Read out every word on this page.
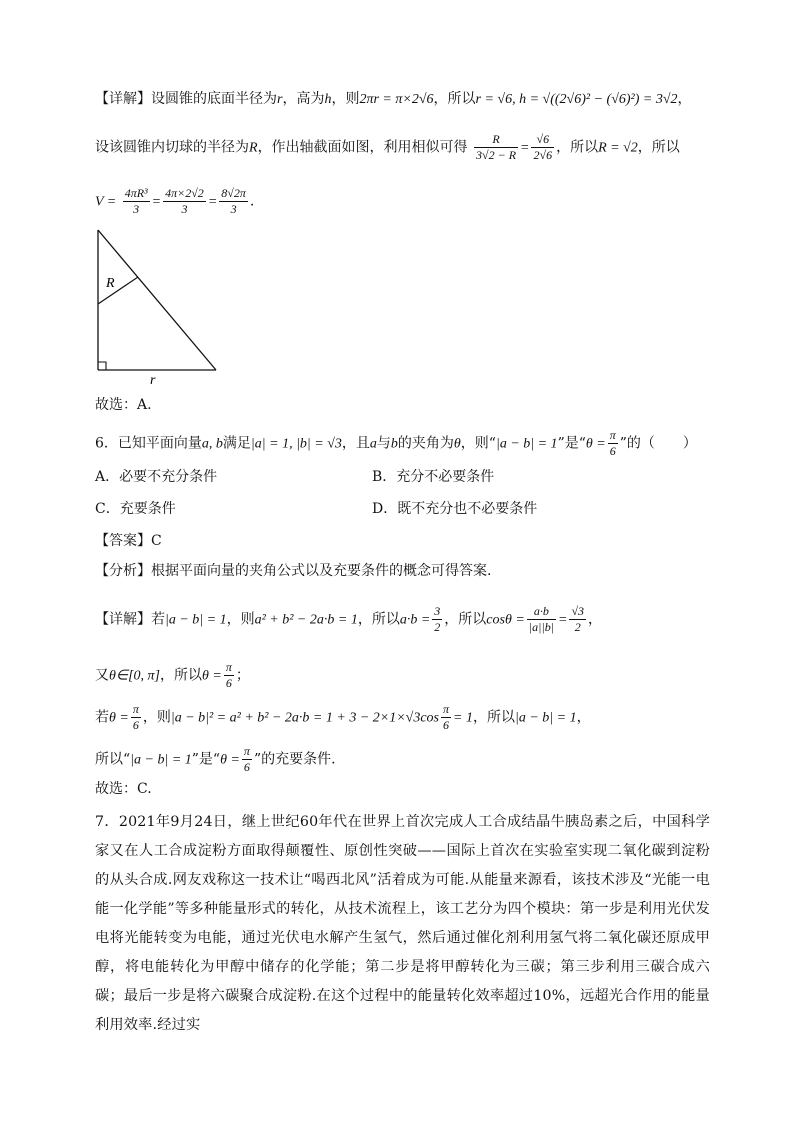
【详解】设圆锥的底面半径为r，高为h，则2πr = π×2√6，所以r = √6, h = √((2√6)² − (√6)²) = 3√2，
设该圆锥内切球的半径为R，作出轴截面如图，利用相似可得 $\frac{R}{3√2 - R} = \frac{√6}{2√6}$ ，所以R = √2，所以
$V = \frac{\text{4πR³}}{3} = \frac{4\pi\times 2√2}{3} = \frac{8√2\pi}{3}$ .
R
r
故选：A.
6．已知平面向量a, b满足|a| = 1, |b| = √3，且a与b的夹角为θ，则“|a − b| = 1”是“$\theta = \frac{\pi}{6}$ ”的（　　）
A．必要不充分条件	B．充分不必要条件
C．充要条件	D．既不充分也不必要条件
【答案】C
【分析】根据平面向量的夹角公式以及充要条件的概念可得答案.
【详解】若|a − b| = 1，则a² + b² − 2a·b = 1，所以$a\cdot b = \frac{3}{2}$ ，所以$\cos\theta = \frac{a\cdot b}{|a||b|} = \frac{√3}{2}$ ，
又θ∈[0, π]，所以$\theta = \frac{\pi}{6}$ ；
若$\theta = \frac{\pi}{6}$ ，则$|a - b|^2 = a^2 + b^2 - 2a\cdot b = 1 + 3 - 2\times 1\times√3\cos \frac{\pi}{6} = 1$，所以|a − b| = 1，
所以“|a − b| = 1”是“$\theta = \frac{\pi}{6}$ ”的充要条件.
故选：C.
7．2021年9月24日，继上世纪60年代在世界上首次完成人工合成结晶牛胰岛素之后，中国科学家又在人工合成淀粉方面取得颠覆性、原创性突破——国际上首次在实验室实现二氧化碳到淀粉的从头合成.网友戏称这一技术让“喝西北风”活着成为可能.从能量来源看，该技术涉及“光能一电能一化学能”等多种能量形式的转化，从技术流程上，该工艺分为四个模块：第一步是利用光伏发电将光能转变为电能，通过光伏电水解产生氢气，然后通过催化剂利用氢气将二氧化碳还原成甲醇，将电能转化为甲醇中储存的化学能；第二步是将甲醇转化为三碳；第三步利用三碳合成六碳；最后一步是将六碳聚合成淀粉.在这个过程中的能量转化效率超过10%，远超光合作用的能量利用效率.经过实
